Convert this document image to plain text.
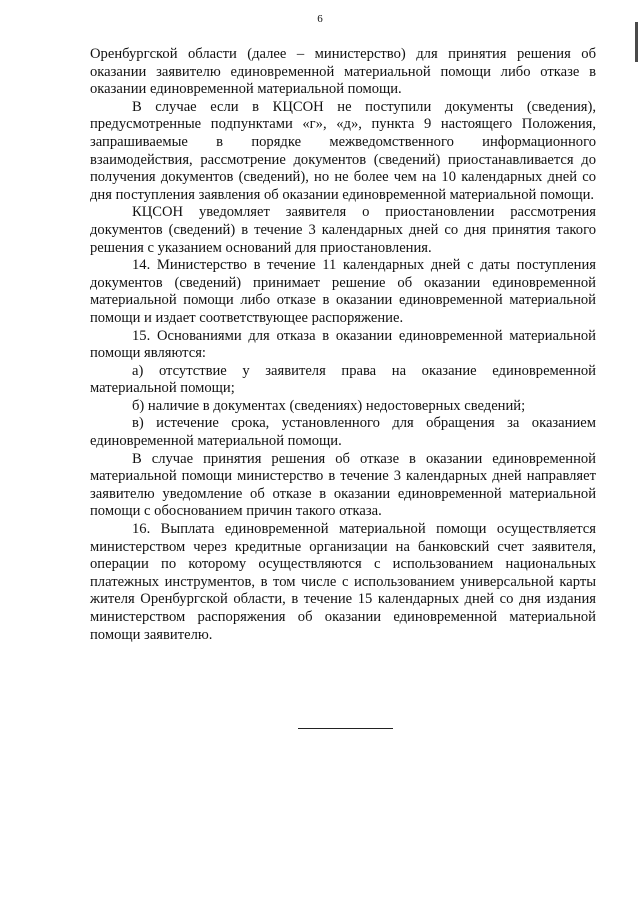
6

Оренбургской области (далее – министерство) для принятия решения об оказании заявителю единовременной материальной помощи либо отказе в оказании единовременной материальной помощи.

В случае если в КЦСОН не поступили документы (сведения), предусмотренные подпунктами «г», «д», пункта 9 настоящего Положения, запрашиваемые в порядке межведомственного информационного взаимодействия, рассмотрение документов (сведений) приостанавливается до получения документов (сведений), но не более чем на 10 календарных дней со дня поступления заявления об оказании единовременной материальной помощи.

КЦСОН уведомляет заявителя о приостановлении рассмотрения документов (сведений) в течение 3 календарных дней со дня принятия такого решения с указанием оснований для приостановления.

14. Министерство в течение 11 календарных дней с даты поступления документов (сведений) принимает решение об оказании единовременной материальной помощи либо отказе в оказании единовременной материальной помощи и издает соответствующее распоряжение.

15. Основаниями для отказа в оказании единовременной материальной помощи являются:

а) отсутствие у заявителя права на оказание единовременной материальной помощи;

б) наличие в документах (сведениях) недостоверных сведений;

в) истечение срока, установленного для обращения за оказанием единовременной материальной помощи.

В случае принятия решения об отказе в оказании единовременной материальной помощи министерство в течение 3 календарных дней направляет заявителю уведомление об отказе в оказании единовременной материальной помощи с обоснованием причин такого отказа.

16. Выплата единовременной материальной помощи осуществляется министерством через кредитные организации на банковский счет заявителя, операции по которому осуществляются с использованием национальных платежных инструментов, в том числе с использованием универсальной карты жителя Оренбургской области, в течение 15 календарных дней со дня издания министерством распоряжения об оказании единовременной материальной помощи заявителю.
